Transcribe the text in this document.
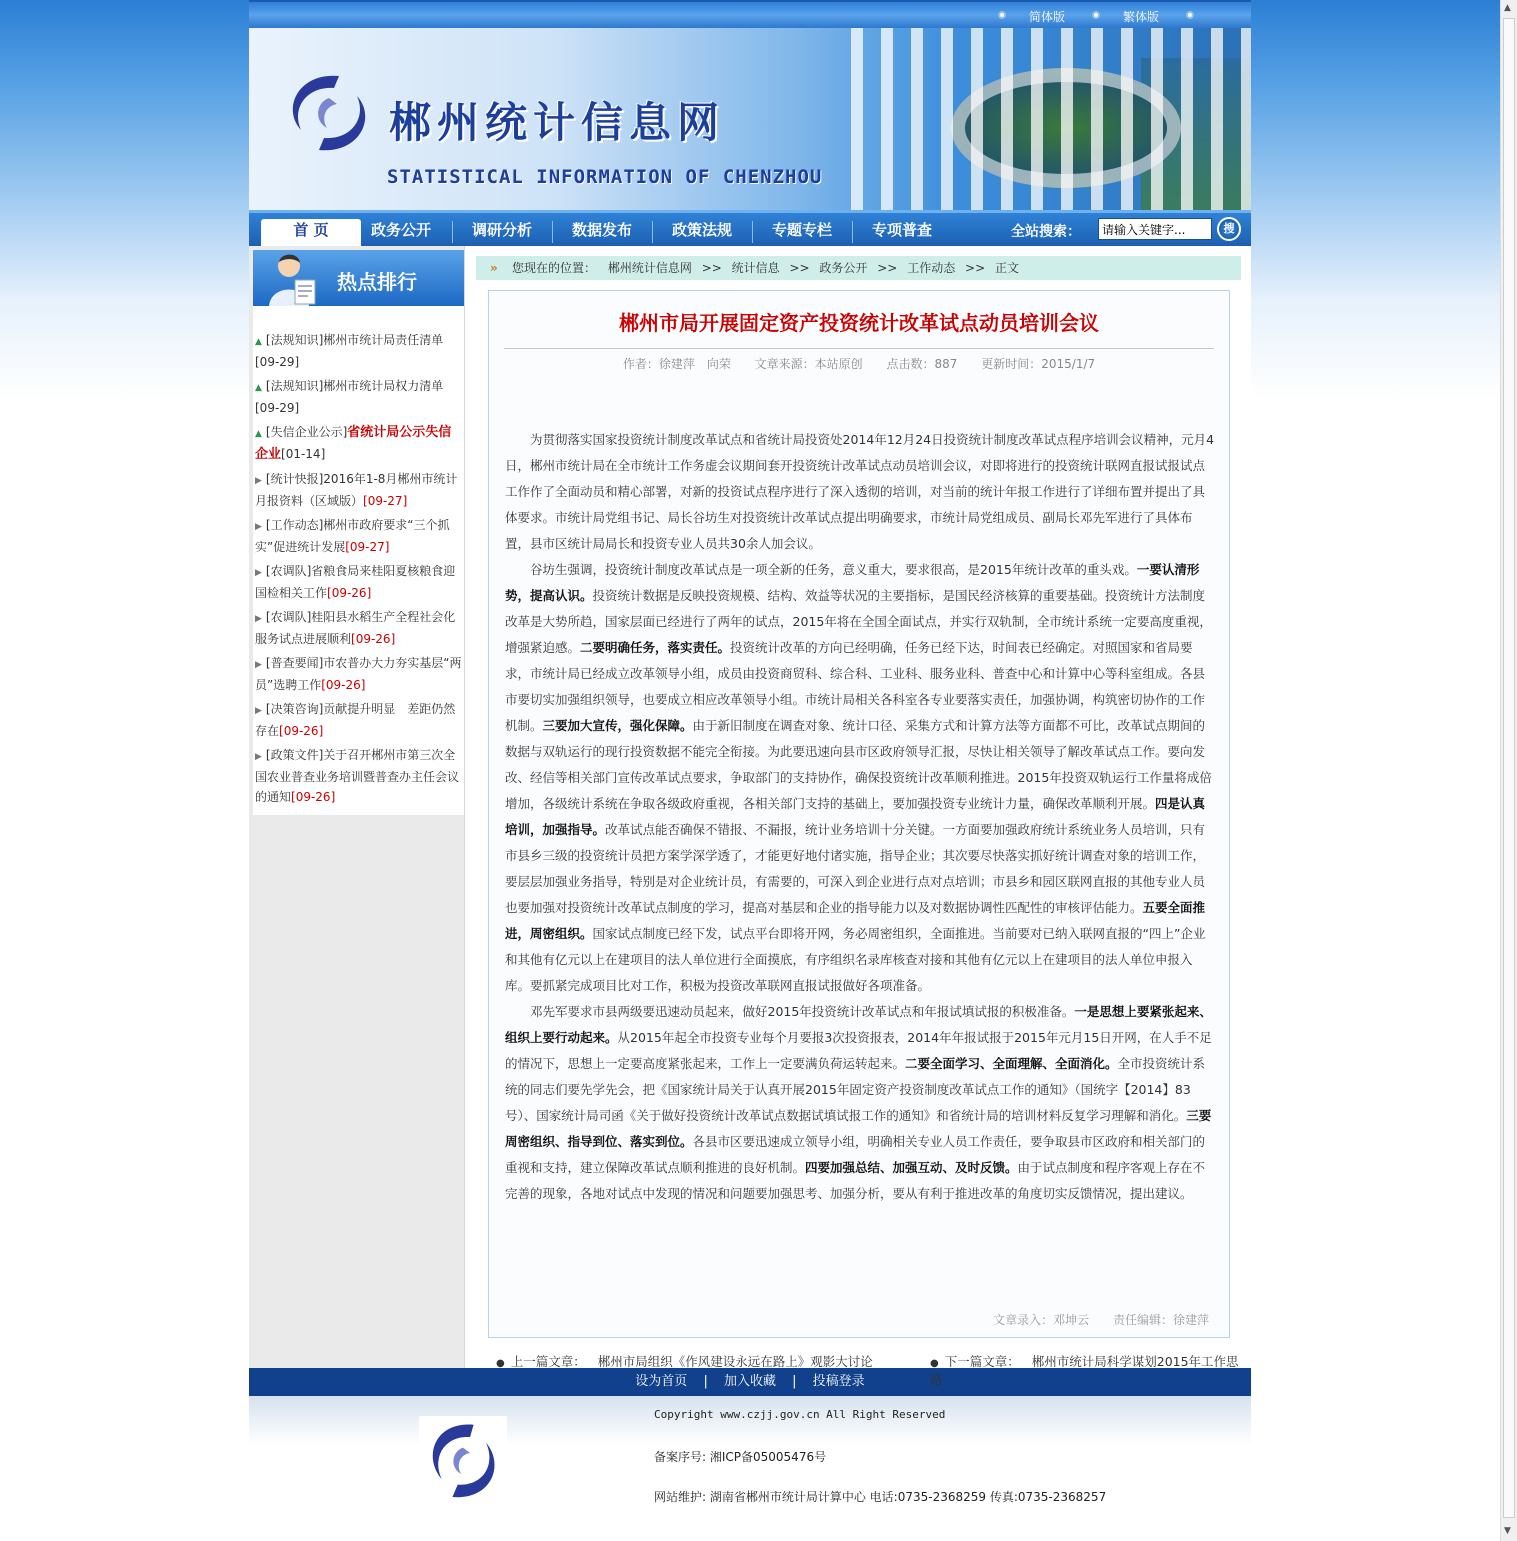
简体版	繁体版
郴州统计信息网
STATISTICAL INFORMATION OF CHENZHOU
首 页	政务公开	调研分析	数据发布	政策法规	专题专栏	专项普查	全站搜索：
请输入关键字...	搜
热点排行
▲ [法规知识]郴州市统计局责任清单[09-29]
▲ [法规知识]郴州市统计局权力清单[09-29]
▲ [失信企业公示]省统计局公示失信企业[01-14]
▶ [统计快报]2016年1-8月郴州市统计月报资料（区域版）[09-27]
▶ [工作动态]郴州市政府要求“三个抓实”促进统计发展[09-27]
▶ [农调队]省粮食局来桂阳夏核粮食迎国检相关工作[09-26]
▶ [农调队]桂阳县水稻生产全程社会化服务试点进展顺利[09-26]
▶ [普查要闻]市农普办大力夯实基层“两员”选聘工作[09-26]
▶ [决策咨询]贡献提升明显　差距仍然存在[09-26]
▶ [政策文件]关于召开郴州市第三次全国农业普查业务培训暨普查办主任会议的通知[09-26]
» 您现在的位置： 郴州统计信息网 >> 统计信息 >> 政务公开 >> 工作动态 >> 正文
郴州市局开展固定资产投资统计改革试点动员培训会议
作者：徐建萍　向荣 文章来源：本站原创 点击数：887 更新时间：2015/1/7

为贯彻落实国家投资统计制度改革试点和省统计局投资处2014年12月24日投资统计制度改革试点程序培训会议精神，元月4日，郴州市统计局在全市统计工作务虚会议期间套开投资统计改革试点动员培训会议，对即将进行的投资统计联网直报试报试点工作作了全面动员和精心部署，对新的投资试点程序进行了深入透彻的培训，对当前的统计年报工作进行了详细布置并提出了具体要求。市统计局党组书记、局长谷坊生对投资统计改革试点提出明确要求，市统计局党组成员、副局长邓先军进行了具体布置，县市区统计局局长和投资专业人员共30余人加会议。

谷坊生强调，投资统计制度改革试点是一项全新的任务，意义重大，要求很高，是2015年统计改革的重头戏。一要认清形势，提高认识。投资统计数据是反映投资规模、结构、效益等状况的主要指标，是国民经济核算的重要基础。投资统计方法制度改革是大势所趋，国家层面已经进行了两年的试点，2015年将在全国全面试点，并实行双轨制，全市统计系统一定要高度重视，增强紧迫感。二要明确任务，落实责任。投资统计改革的方向已经明确，任务已经下达，时间表已经确定。对照国家和省局要求，市统计局已经成立改革领导小组，成员由投资商贸科、综合科、工业科、服务业科、普查中心和计算中心等科室组成。各县市要切实加强组织领导，也要成立相应改革领导小组。市统计局相关各科室各专业要落实责任，加强协调，构筑密切协作的工作机制。三要加大宣传，强化保障。由于新旧制度在调查对象、统计口径、采集方式和计算方法等方面都不可比，改革试点期间的数据与双轨运行的现行投资数据不能完全衔接。为此要迅速向县市区政府领导汇报，尽快让相关领导了解改革试点工作。要向发改、经信等相关部门宣传改革试点要求，争取部门的支持协作，确保投资统计改革顺利推进。2015年投资双轨运行工作量将成倍增加，各级统计系统在争取各级政府重视，各相关部门支持的基础上，要加强投资专业统计力量，确保改革顺利开展。四是认真培训，加强指导。改革试点能否确保不错报、不漏报，统计业务培训十分关键。一方面要加强政府统计系统业务人员培训，只有市县乡三级的投资统计员把方案学深学透了，才能更好地付诸实施，指导企业；其次要尽快落实抓好统计调查对象的培训工作，要层层加强业务指导，特别是对企业统计员，有需要的，可深入到企业进行点对点培训；市县乡和园区联网直报的其他专业人员也要加强对投资统计改革试点制度的学习，提高对基层和企业的指导能力以及对数据协调性匹配性的审核评估能力。五要全面推进，周密组织。国家试点制度已经下发，试点平台即将开网，务必周密组织，全面推进。当前要对已纳入联网直报的“四上”企业和其他有亿元以上在建项目的法人单位进行全面摸底，有序组织名录库核查对接和其他有亿元以上在建项目的法人单位申报入库。要抓紧完成项目比对工作，积极为投资改革联网直报试报做好各项准备。

邓先军要求市县两级要迅速动员起来，做好2015年投资统计改革试点和年报试填试报的积极准备。一是思想上要紧张起来、组织上要行动起来。从2015年起全市投资专业每个月要报3次投资报表，2014年年报试报于2015年元月15日开网，在人手不足的情况下，思想上一定要高度紧张起来，工作上一定要满负荷运转起来。二要全面学习、全面理解、全面消化。全市投资统计系统的同志们要先学先会，把《国家统计局关于认真开展2015年固定资产投资制度改革试点工作的通知》（国统字【2014】83号）、国家统计局司函《关于做好投资统计改革试点数据试填试报工作的通知》和省统计局的培训材料反复学习理解和消化。三要周密组织、指导到位、落实到位。各县市区要迅速成立领导小组，明确相关专业人员工作责任，要争取县市区政府和相关部门的重视和支持，建立保障改革试点顺利推进的良好机制。四要加强总结、加强互动、及时反馈。由于试点制度和程序客观上存在不完善的现象，各地对试点中发现的情况和问题要加强思考、加强分析，要从有利于推进改革的角度切实反馈情况，提出建议。

文章录入：邓坤云 责任编辑：徐建萍
● 上一篇文章： 郴州市局组织《作风建设永远在路上》观影大讨论	● 下一篇文章： 郴州市统计局科学谋划2015年工作思路
设为首页 | 加入收藏 | 投稿登录
Copyright www.czjj.gov.cn All Right Reserved
备案序号: 湘ICP备05005476号
网站维护: 湖南省郴州市统计局计算中心 电话:0735-2368259 传真:0735-2368257
▲
▼
